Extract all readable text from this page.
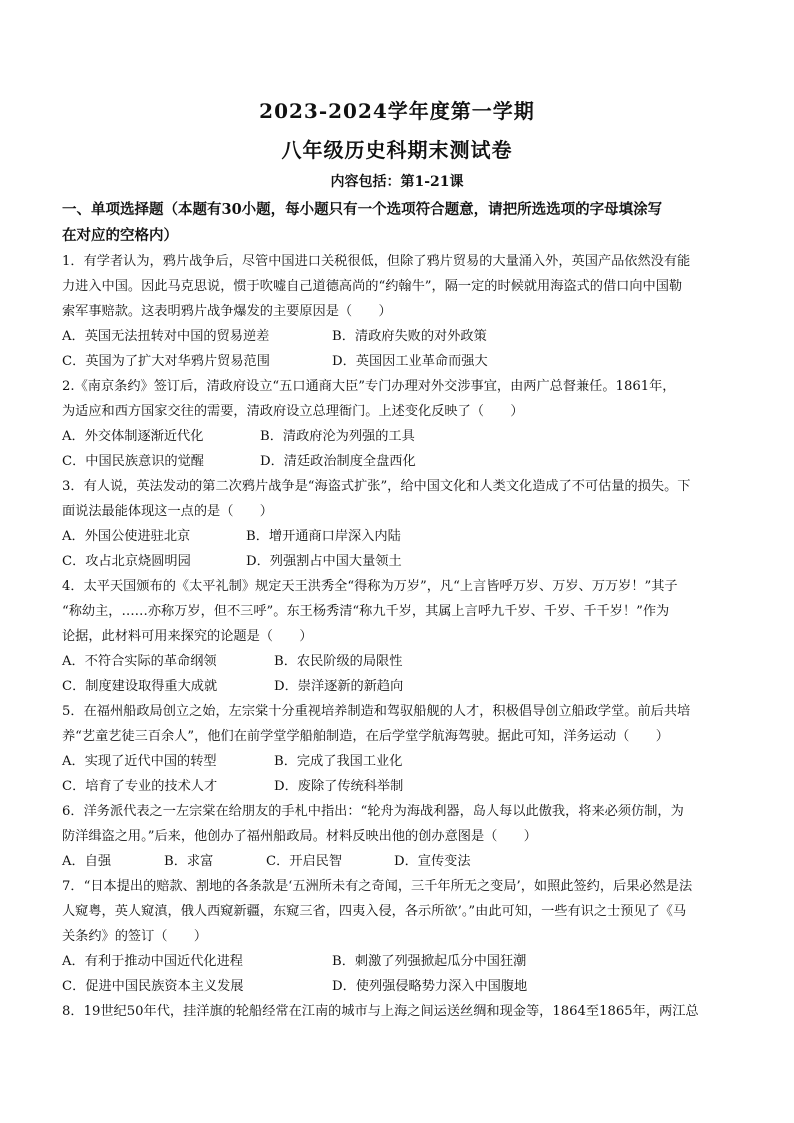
2023-2024学年度第一学期
八年级历史科期末测试卷
内容包括：第1-21课
一、单项选择题（本题有30小题，每小题只有一个选项符合题意，请把所选选项的字母填涂写
在对应的空格内）
1．有学者认为，鸦片战争后，尽管中国进口关税很低，但除了鸦片贸易的大量涌入外，英国产品依然没有能
力进入中国。因此马克思说，惯于吹嘘自己道德高尚的“约翰牛”，隔一定的时候就用海盗式的借口向中国勒
索军事赔款。这表明鸦片战争爆发的主要原因是（　　）
A．英国无法扭转对中国的贸易逆差	B．清政府失败的对外政策
C．英国为了扩大对华鸦片贸易范围	D．英国因工业革命而强大
2.《南京条约》签订后，清政府设立“五口通商大臣”专门办理对外交涉事宜，由两广总督兼任。1861年，
为适应和西方国家交往的需要，清政府设立总理衙门。上述变化反映了（　　）
A．外交体制逐渐近代化	B．清政府沦为列强的工具
C．中国民族意识的觉醒	D．清廷政治制度全盘西化
3．有人说，英法发动的第二次鸦片战争是“海盗式扩张”，给中国文化和人类文化造成了不可估量的损失。下
面说法最能体现这一点的是（　　）
A．外国公使进驻北京	B．增开通商口岸深入内陆
C．攻占北京烧圆明园	D．列强割占中国大量领土
4．太平天国颁布的《太平礼制》规定天王洪秀全“得称为万岁”，凡“上言皆呼万岁、万岁、万万岁！”其子
“称幼主，……亦称万岁，但不三呼”。东王杨秀清“称九千岁，其属上言呼九千岁、千岁、千千岁！”作为
论据，此材料可用来探究的论题是（　　）
A．不符合实际的革命纲领	B．农民阶级的局限性
C．制度建设取得重大成就	D．崇洋逐新的新趋向
5．在福州船政局创立之始，左宗棠十分重视培养制造和驾驭船舰的人才，积极倡导创立船政学堂。前后共培
养“艺童艺徒三百余人”，他们在前学堂学船舶制造，在后学堂学航海驾驶。据此可知，洋务运动（　　）
A．实现了近代中国的转型	B．完成了我国工业化
C．培育了专业的技术人才	D．废除了传统科举制
6．洋务派代表之一左宗棠在给朋友的手札中指出：“轮舟为海战利器，岛人每以此傲我，将来必须仿制，为
防洋缉盗之用。”后来，他创办了福州船政局。材料反映出他的创办意图是（　　）
A．自强	B．求富	C．开启民智	D．宣传变法
7．“日本提出的赔款、割地的各条款是‘五洲所未有之奇闻，三千年所无之变局’，如照此签约，后果必然是法
人窥粤，英人窥滇，俄人西窥新疆，东窥三省，四夷入侵，各示所欲’。”由此可知，一些有识之士预见了《马
关条约》的签订（　　）
A．有利于推动中国近代化进程	B．刺激了列强掀起瓜分中国狂潮
C．促进中国民族资本主义发展	D．使列强侵略势力深入中国腹地
8．19世纪50年代，挂洋旗的轮船经常在江南的城市与上海之间运送丝绸和现金等，1864至1865年，两江总
